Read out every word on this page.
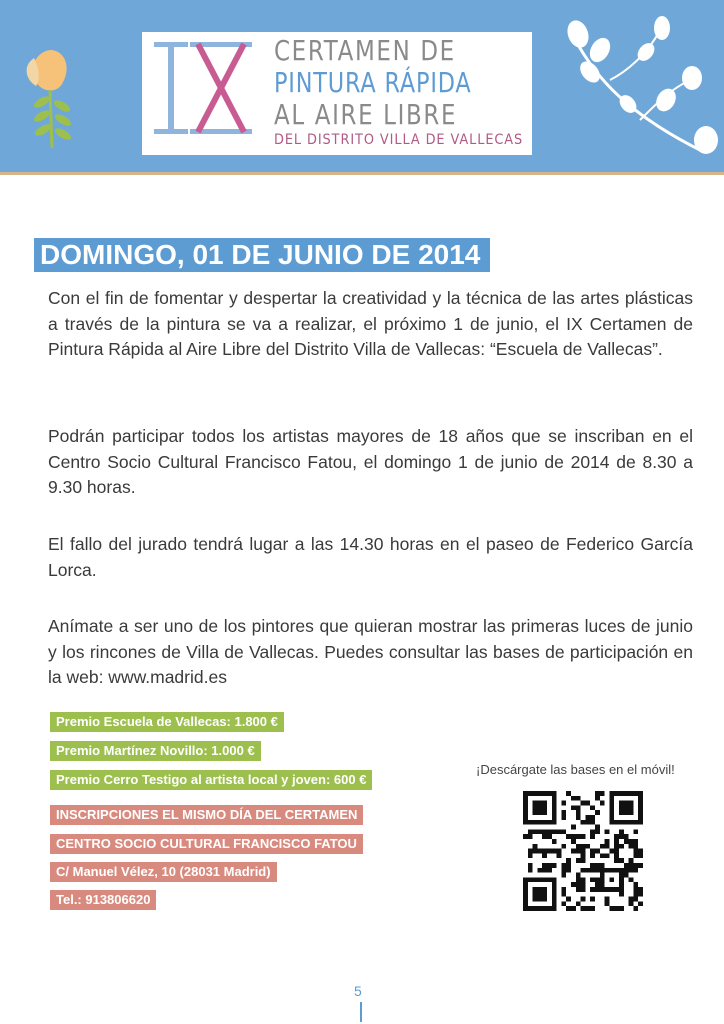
CERTAMEN DE
PINTURA RÁPIDA
AL AIRE LIBRE
DEL DISTRITO VILLA DE VALLECAS
DOMINGO, 01 DE JUNIO DE 2014
Con el fin de fomentar y despertar la creatividad y la técnica de las artes plásticas a través de la pintura se va a realizar, el próximo 1 de junio, el IX Certamen de Pintura Rápida al Aire Libre del Distrito Villa de Vallecas: “Escuela de Vallecas”.
Podrán participar todos los artistas mayores de 18 años que se inscriban en el Centro Socio Cultural Francisco Fatou, el domingo 1 de junio de 2014 de 8.30 a 9.30 horas.
El fallo del jurado tendrá lugar a las 14.30 horas en el paseo de Federico García Lorca.
Anímate a ser uno de los pintores que quieran mostrar las primeras luces de junio y los rincones de Villa de Vallecas. Puedes consultar las bases de participación en la web: www.madrid.es
Premio Escuela de Vallecas: 1.800 €
Premio Martínez Novillo: 1.000 €
Premio Cerro Testigo al artista local y joven: 600 €
INSCRIPCIONES EL MISMO DÍA DEL CERTAMEN
CENTRO SOCIO CULTURAL FRANCISCO FATOU
C/ Manuel Vélez, 10 (28031 Madrid)
Tel.: 913806620
¡Descárgate las bases en el móvil!
5
